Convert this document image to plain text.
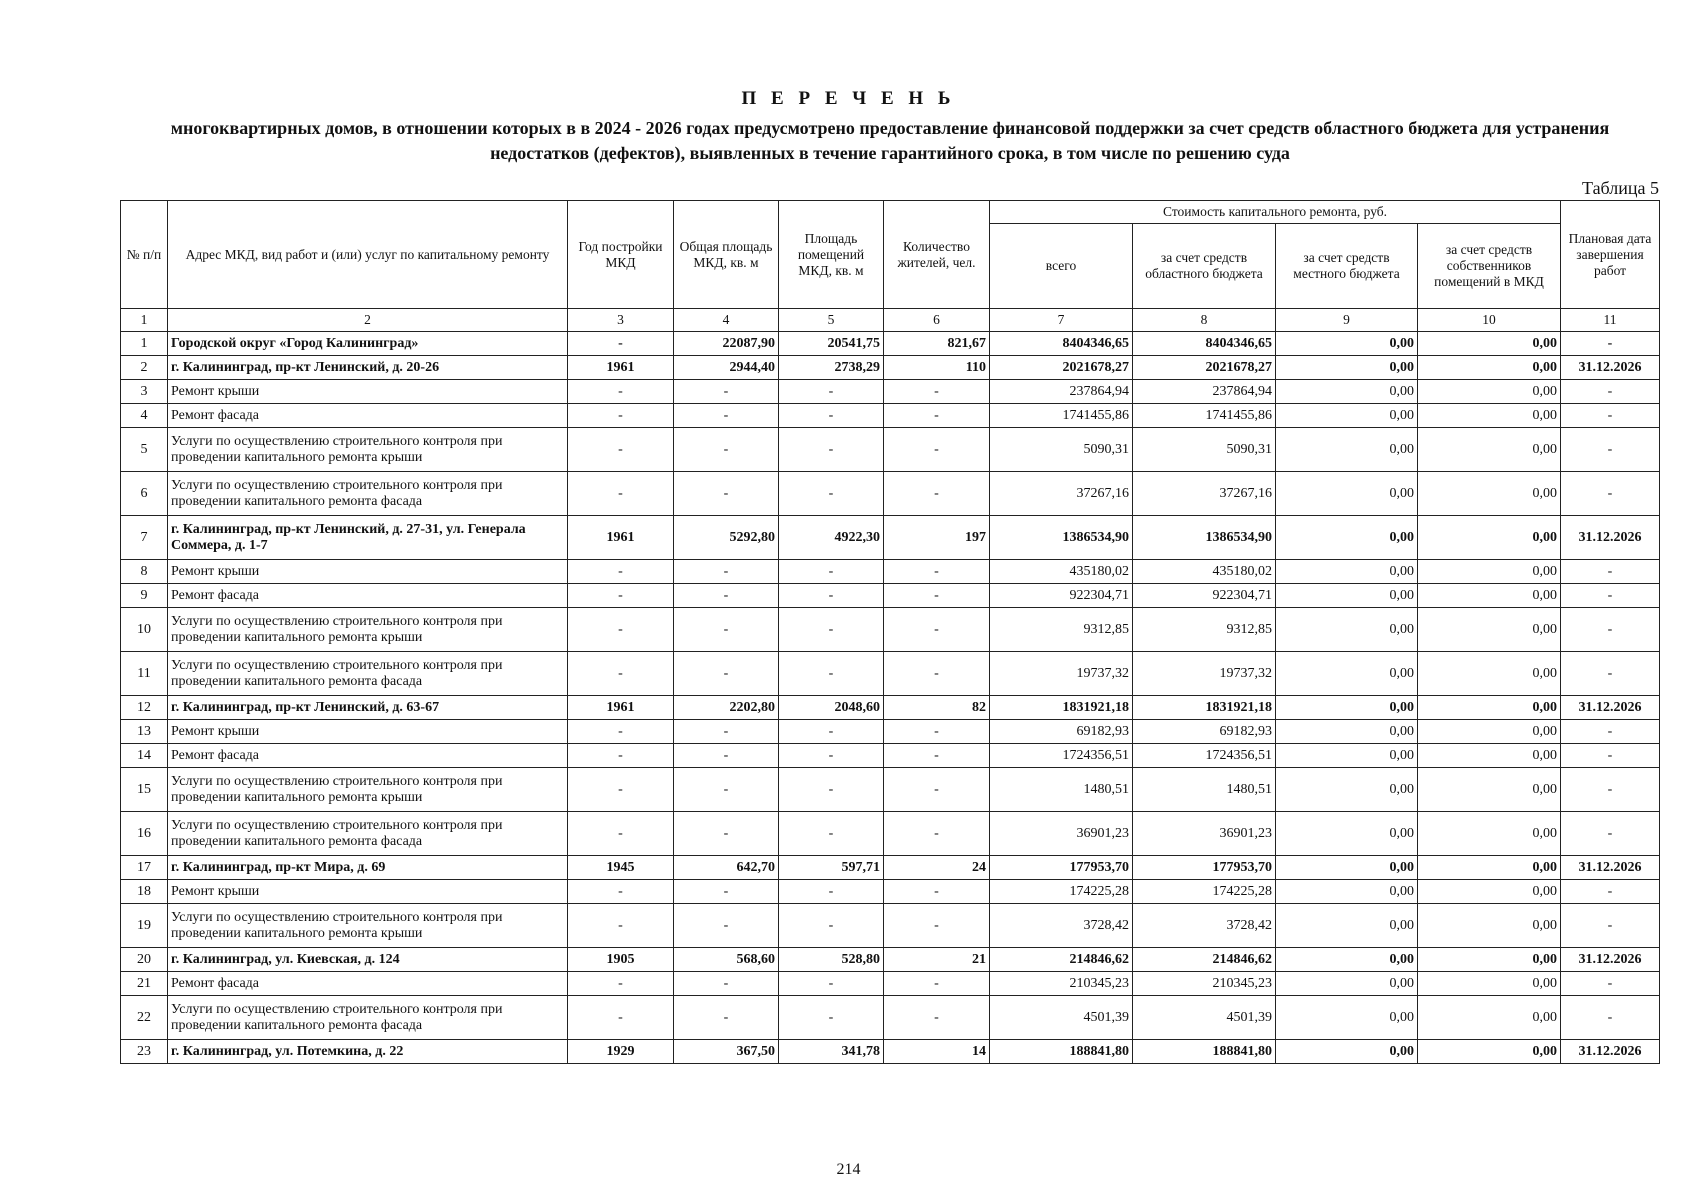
П Е Р Е Ч Е Н Ь
многоквартирных домов, в отношении которых в в 2024 - 2026 годах предусмотрено предоставление финансовой поддержки за счет средств областного бюджета для устранения недостатков (дефектов), выявленных в течение гарантийного срока, в том числе по решению суда
Таблица 5
№ п/п	Адрес МКД, вид работ и (или) услуг по капитальному ремонту	Год постройки МКД	Общая площадь МКД, кв. м	Площадь помещений МКД, кв. м	Количество жителей, чел.	Стоимость капитального ремонта, руб.				Плановая дата завершения работ
						всего	за счет средств областного бюджета	за счет средств местного бюджета	за счет средств собственников помещений в МКД	
1	2	3	4	5	6	7	8	9	10	11
1	Городской округ «Город Калининград»	-	22087,90	20541,75	821,67	8404346,65	8404346,65	0,00	0,00	-
2	г. Калининград, пр-кт Ленинский, д. 20-26	1961	2944,40	2738,29	110	2021678,27	2021678,27	0,00	0,00	31.12.2026
3	Ремонт крыши	-	-	-	-	237864,94	237864,94	0,00	0,00	-
4	Ремонт фасада	-	-	-	-	1741455,86	1741455,86	0,00	0,00	-
5	Услуги по осуществлению строительного контроля при проведении капитального ремонта крыши	-	-	-	-	5090,31	5090,31	0,00	0,00	-
6	Услуги по осуществлению строительного контроля при проведении капитального ремонта фасада	-	-	-	-	37267,16	37267,16	0,00	0,00	-
7	г. Калининград, пр-кт Ленинский, д. 27-31, ул. Генерала Соммера, д. 1-7	1961	5292,80	4922,30	197	1386534,90	1386534,90	0,00	0,00	31.12.2026
8	Ремонт крыши	-	-	-	-	435180,02	435180,02	0,00	0,00	-
9	Ремонт фасада	-	-	-	-	922304,71	922304,71	0,00	0,00	-
10	Услуги по осуществлению строительного контроля при проведении капитального ремонта крыши	-	-	-	-	9312,85	9312,85	0,00	0,00	-
11	Услуги по осуществлению строительного контроля при проведении капитального ремонта фасада	-	-	-	-	19737,32	19737,32	0,00	0,00	-
12	г. Калининград, пр-кт Ленинский, д. 63-67	1961	2202,80	2048,60	82	1831921,18	1831921,18	0,00	0,00	31.12.2026
13	Ремонт крыши	-	-	-	-	69182,93	69182,93	0,00	0,00	-
14	Ремонт фасада	-	-	-	-	1724356,51	1724356,51	0,00	0,00	-
15	Услуги по осуществлению строительного контроля при проведении капитального ремонта крыши	-	-	-	-	1480,51	1480,51	0,00	0,00	-
16	Услуги по осуществлению строительного контроля при проведении капитального ремонта фасада	-	-	-	-	36901,23	36901,23	0,00	0,00	-
17	г. Калининград, пр-кт Мира, д. 69	1945	642,70	597,71	24	177953,70	177953,70	0,00	0,00	31.12.2026
18	Ремонт крыши	-	-	-	-	174225,28	174225,28	0,00	0,00	-
19	Услуги по осуществлению строительного контроля при проведении капитального ремонта крыши	-	-	-	-	3728,42	3728,42	0,00	0,00	-
20	г. Калининград, ул. Киевская, д. 124	1905	568,60	528,80	21	214846,62	214846,62	0,00	0,00	31.12.2026
21	Ремонт фасада	-	-	-	-	210345,23	210345,23	0,00	0,00	-
22	Услуги по осуществлению строительного контроля при проведении капитального ремонта фасада	-	-	-	-	4501,39	4501,39	0,00	0,00	-
23	г. Калининград, ул. Потемкина, д. 22	1929	367,50	341,78	14	188841,80	188841,80	0,00	0,00	31.12.2026
214
